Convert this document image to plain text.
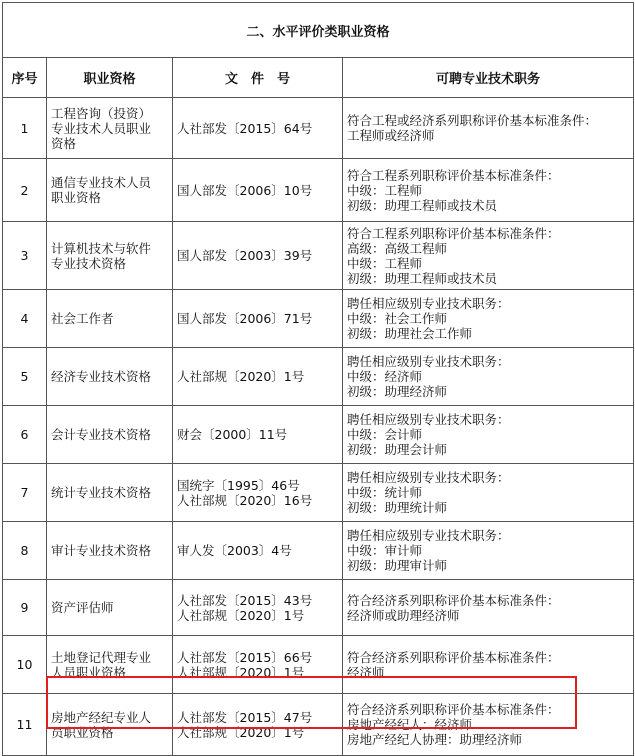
二、水平评价类职业资格			
序号	职业资格	文　件　号	可聘专业技术职务
1	工程咨询（投资）
专业技术人员职业
资格	人社部发〔2015〕64号	符合工程或经济系列职称评价基本标准条件：
工程师或经济师

2	通信专业技术人员
职业资格	国人部发〔2006〕10号	符合工程系列职称评价基本标准条件：
中级：工程师
初级：助理工程师或技术员

3	计算机技术与软件
专业技术资格	国人部发〔2003〕39号	符合工程系列职称评价基本标准条件：
高级：高级工程师
中级：工程师
初级：助理工程师或技术员

4	社会工作者	国人部发〔2006〕71号	聘任相应级别专业技术职务：
中级：社会工作师
初级：助理社会工作师

5	经济专业技术资格	人社部规〔2020〕1号	聘任相应级别专业技术职务：
中级：经济师
初级：助理经济师

6	会计专业技术资格	财会〔2000〕11号	聘任相应级别专业技术职务：
中级：会计师
初级：助理会计师

7	统计专业技术资格	国统字〔1995〕46号
人社部规〔2020〕16号	聘任相应级别专业技术职务：
中级：统计师
初级：助理统计师

8	审计专业技术资格	审人发〔2003〕4号	聘任相应级别专业技术职务：
中级：审计师
初级：助理审计师

9	资产评估师	人社部发〔2015〕43号
人社部规〔2020〕1号	符合经济系列职称评价基本标准条件：
经济师或助理经济师

10	土地登记代理专业
人员职业资格	人社部发〔2015〕66号
人社部规〔2020〕1号	符合经济系列职称评价基本标准条件：
经济师

11	房地产经纪专业人
员职业资格	人社部发〔2015〕47号
人社部规〔2020〕1号	符合经济系列职称评价基本标准条件：
房地产经纪人：经济师
房地产经纪人协理：助理经济师
